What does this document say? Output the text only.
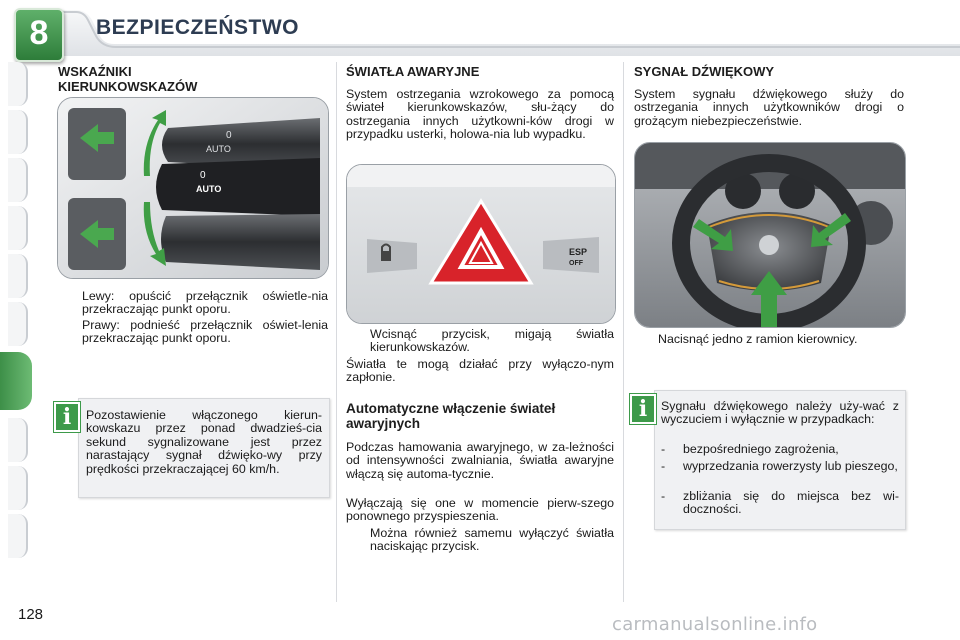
8	BEZPIECZEŃSTWO
WSKAŹNIKI
KIERUNKOWSKAZÓW
AUTO
0
AUTO
0
Lewy: opuścić przełącznik oświetle-nia przekraczając punkt oporu.
Prawy: podnieść przełącznik oświet-lenia przekraczając punkt oporu.
Pozostawienie włączonego kierun-kowskazu przez ponad dwadzieś-cia sekund sygnalizowane jest przez narastający sygnał dźwięko-wy przy prędkości przekraczającej 60 km/h.
i
ŚWIATŁA AWARYJNE
System ostrzegania wzrokowego za pomocą świateł kierunkowskazów, słu-żący do ostrzegania innych użytkowni-ków drogi w przypadku usterki, holowa-nia lub wypadku.
ESP
OFF
Wcisnąć przycisk, migają światła kierunkowskazów.
Światła te mogą działać przy wyłączo-nym zapłonie.
Automatyczne włączenie świateł awaryjnych
Podczas hamowania awaryjnego, w za-leżności od intensywności zwalniania, światła awaryjne włączą się automa-tycznie.
Wyłączają się one w momencie pierw-szego ponownego przyspieszenia.
Można również samemu wyłączyć światła naciskając przycisk.
SYGNAŁ DŹWIĘKOWY
System sygnału dźwiękowego służy do ostrzegania innych użytkowników drogi o grożącym niebezpieczeństwie.
Nacisnąć jedno z ramion kierownicy.
Sygnału dźwiękowego należy uży-wać z wyczuciem i wyłącznie w przypadkach:
- bezpośredniego zagrożenia,
- wyprzedzania rowerzysty lub pieszego,
- zbliżania się do miejsca bez wi-doczności.
i
128	carmanualsonline.info
